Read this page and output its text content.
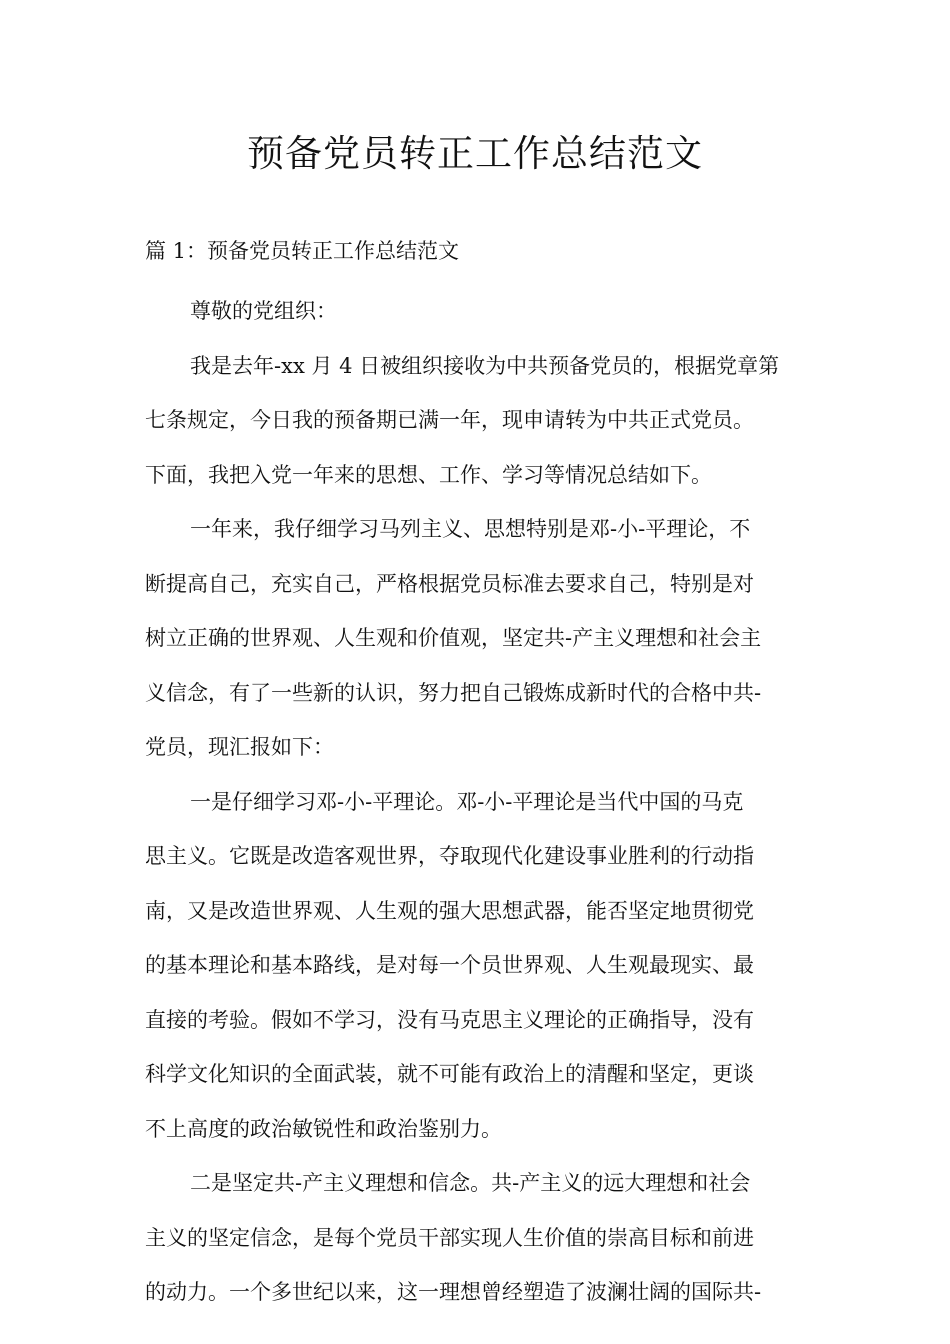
预备党员转正工作总结范文
篇 1：预备党员转正工作总结范文
尊敬的党组织：
我是去年-xx 月 4 日被组织接收为中共预备党员的，根据党章第
七条规定，今日我的预备期已满一年，现申请转为中共正式党员。
下面，我把入党一年来的思想、工作、学习等情况总结如下。
一年来，我仔细学习马列主义、思想特别是邓-小-平理论，不
断提高自己，充实自己，严格根据党员标准去要求自己，特别是对
树立正确的世界观、人生观和价值观，坚定共-产主义理想和社会主
义信念，有了一些新的认识，努力把自己锻炼成新时代的合格中共-
党员，现汇报如下：
一是仔细学习邓-小-平理论。邓-小-平理论是当代中国的马克
思主义。它既是改造客观世界，夺取现代化建设事业胜利的行动指
南，又是改造世界观、人生观的强大思想武器，能否坚定地贯彻党
的基本理论和基本路线，是对每一个员世界观、人生观最现实、最
直接的考验。假如不学习，没有马克思主义理论的正确指导，没有
科学文化知识的全面武装，就不可能有政治上的清醒和坚定，更谈
不上高度的政治敏锐性和政治鉴别力。
二是坚定共-产主义理想和信念。共-产主义的远大理想和社会
主义的坚定信念，是每个党员干部实现人生价值的崇高目标和前进
的动力。一个多世纪以来，这一理想曾经塑造了波澜壮阔的国际共-
